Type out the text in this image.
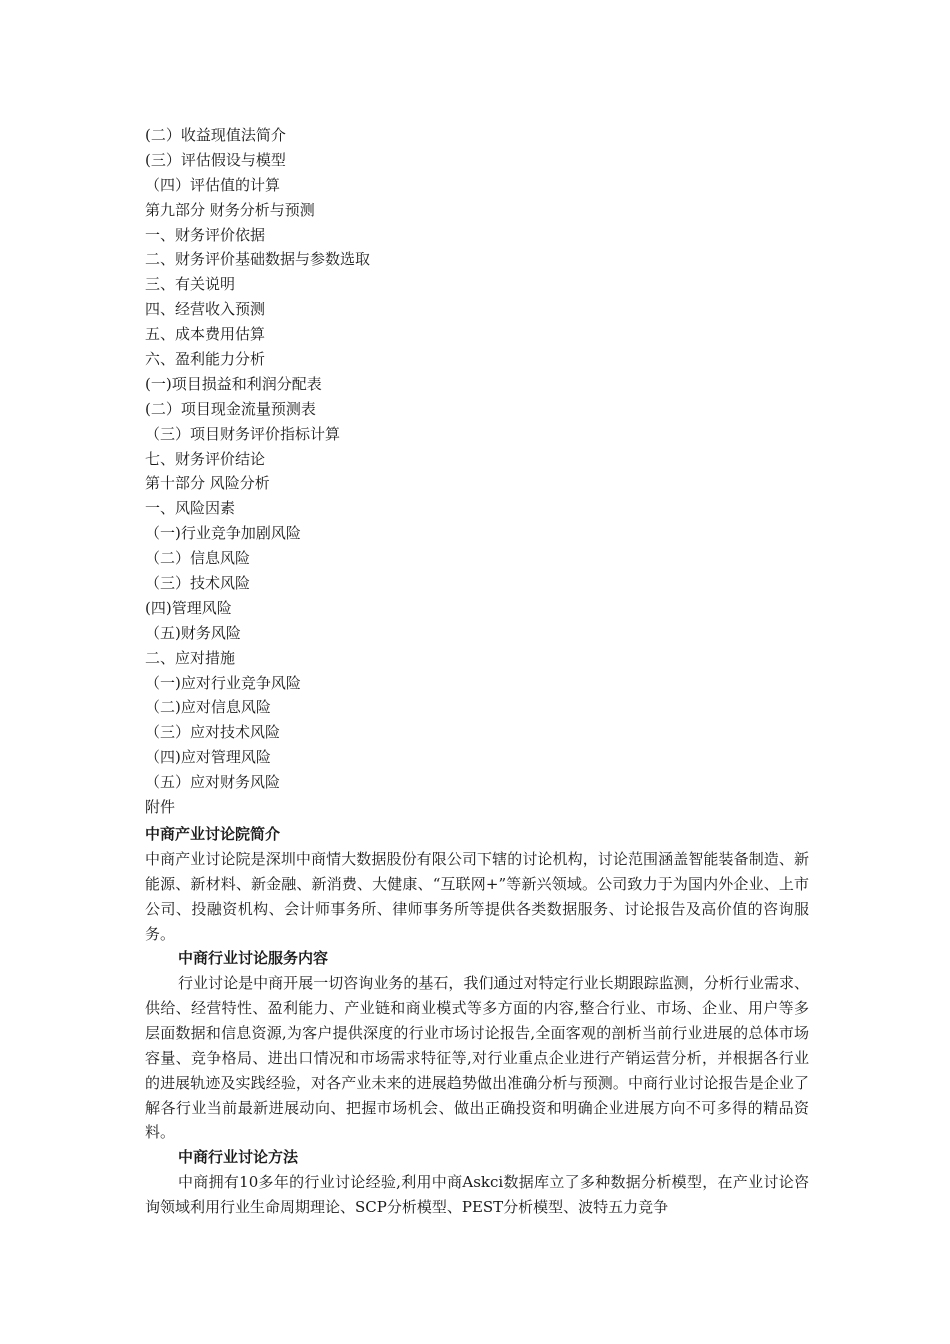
(二）收益现值法简介
(三）评估假设与模型
（四）评估值的计算
第九部分 财务分析与预测
一、财务评价依据
二、财务评价基础数据与参数选取
三、有关说明
四、经营收入预测
五、成本费用估算
六、盈利能力分析
(一)项目损益和利润分配表
(二）项目现金流量预测表
（三）项目财务评价指标计算
七、财务评价结论
第十部分 风险分析
一、风险因素
（一)行业竞争加剧风险
（二）信息风险
（三）技术风险
(四)管理风险
（五)财务风险
二、应对措施
（一)应对行业竞争风险
（二)应对信息风险
（三）应对技术风险
（四)应对管理风险
（五）应对财务风险
附件
中商产业讨论院简介
中商产业讨论院是深圳中商情大数据股份有限公司下辖的讨论机构，讨论范围涵盖智能装备制造、新能源、新材料、新金融、新消费、大健康、“互联网+”等新兴领域。公司致力于为国内外企业、上市公司、投融资机构、会计师事务所、律师事务所等提供各类数据服务、讨论报告及高价值的咨询服务。
中商行业讨论服务内容
行业讨论是中商开展一切咨询业务的基石，我们通过对特定行业长期跟踪监测，分析行业需求、供给、经营特性、盈利能力、产业链和商业模式等多方面的内容,整合行业、市场、企业、用户等多层面数据和信息资源,为客户提供深度的行业市场讨论报告,全面客观的剖析当前行业进展的总体市场容量、竞争格局、进出口情况和市场需求特征等,对行业重点企业进行产销运营分析，并根据各行业的进展轨迹及实践经验，对各产业未来的进展趋势做出准确分析与预测。中商行业讨论报告是企业了解各行业当前最新进展动向、把握市场机会、做出正确投资和明确企业进展方向不可多得的精品资料。
中商行业讨论方法
中商拥有10多年的行业讨论经验,利用中商Askci数据库立了多种数据分析模型，在产业讨论咨询领域利用行业生命周期理论、SCP分析模型、PEST分析模型、波特五力竞争
